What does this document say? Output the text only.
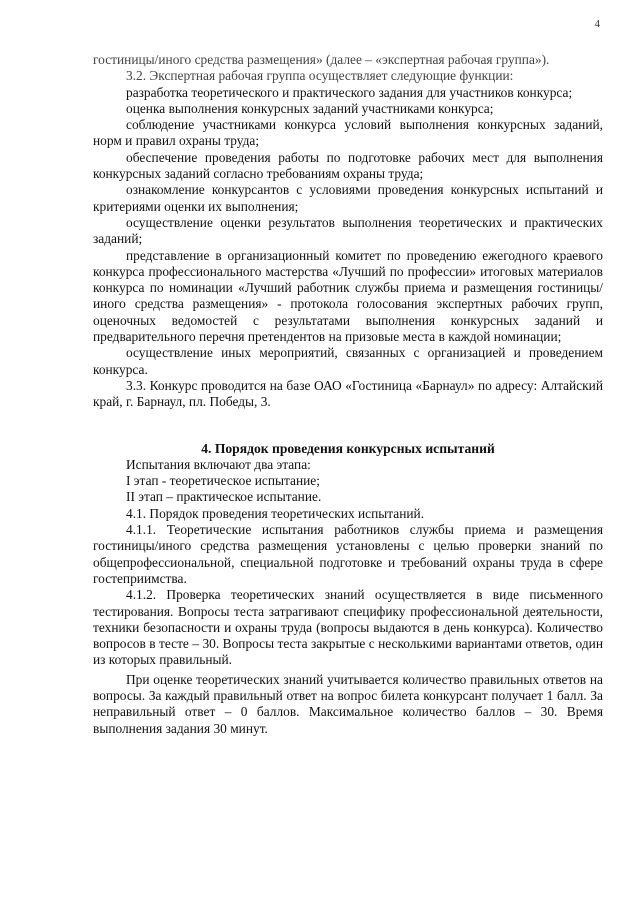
4

гостиницы/иного средства размещения» (далее – «экспертная рабочая группа»).

3.2. Экспертная рабочая группа осуществляет следующие функции:

разработка теоретического и практического задания для участников конкурса;

оценка выполнения конкурсных заданий участниками конкурса;

соблюдение участниками конкурса условий выполнения конкурсных заданий, норм и правил охраны труда;

обеспечение проведения работы по подготовке рабочих мест для выполнения конкурсных заданий согласно требованиям охраны труда;

ознакомление конкурсантов с условиями проведения конкурсных испытаний и критериями оценки их выполнения;

осуществление оценки результатов выполнения теоретических и практических заданий;

представление в организационный комитет по проведению ежегодного краевого конкурса профессионального мастерства «Лучший по профессии» итоговых материалов конкурса по номинации «Лучший работник службы приема и размещения гостиницы/иного средства размещения» - протокола голосования экспертных рабочих групп, оценочных ведомостей с результатами выполнения конкурсных заданий и предварительного перечня претендентов на призовые места в каждой номинации;

осуществление иных мероприятий, связанных с организацией и проведением конкурса.

3.3. Конкурс проводится на базе ОАО «Гостиница «Барнаул» по адресу: Алтайский край, г. Барнаул, пл. Победы, 3.

4. Порядок проведения конкурсных испытаний

Испытания включают два этапа:

I этап - теоретическое испытание;

II этап – практическое испытание.

4.1. Порядок проведения теоретических испытаний.

4.1.1. Теоретические испытания работников службы приема и размещения гостиницы/иного средства размещения установлены с целью проверки знаний по общепрофессиональной, специальной подготовке и требований охраны труда в сфере гостеприимства.

4.1.2. Проверка теоретических знаний осуществляется в виде письменного тестирования. Вопросы теста затрагивают специфику профессиональной деятельности, техники безопасности и охраны труда (вопросы выдаются в день конкурса). Количество вопросов в тесте – 30. Вопросы теста закрытые с несколькими вариантами ответов, один из которых правильный.

При оценке теоретических знаний учитывается количество правильных ответов на вопросы. За каждый правильный ответ на вопрос билета конкурсант получает 1 балл. За неправильный ответ – 0 баллов. Максимальное количество баллов – 30. Время выполнения задания 30 минут.
